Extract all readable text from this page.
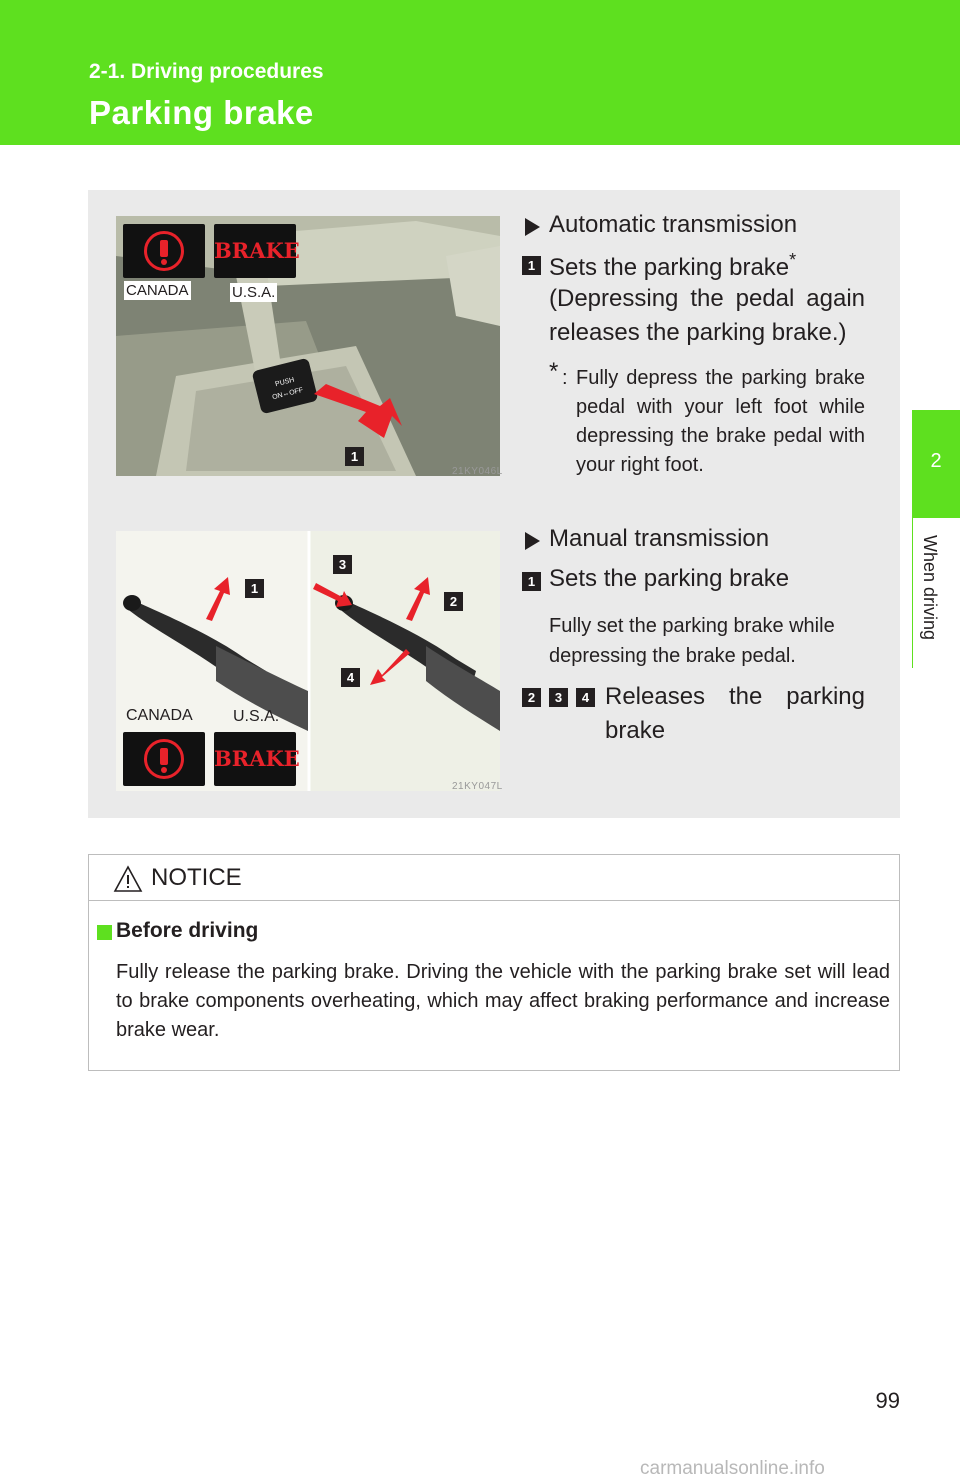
2-1. Driving procedures
Parking brake
2
When driving
PUSH
ON⇔OFF
BRAKE
CANADA	U.S.A.
1
21KY046L
1
3
2
4
CANADA	U.S.A.
BRAKE
21KY047L
Automatic transmission
1 Sets the parking brake*
(Depressing the pedal again releases the parking brake.)
* : Fully depress the parking brake pedal with your left foot while depressing the brake pedal with your right foot.
Manual transmission
1 Sets the parking brake
Fully set the parking brake while depressing the brake pedal.
2	3	4 Releases the parking brake
NOTICE
Before driving
Fully release the parking brake. Driving the vehicle with the parking brake set will lead to brake components overheating, which may affect braking performance and increase brake wear.
99
carmanualsonline.info
